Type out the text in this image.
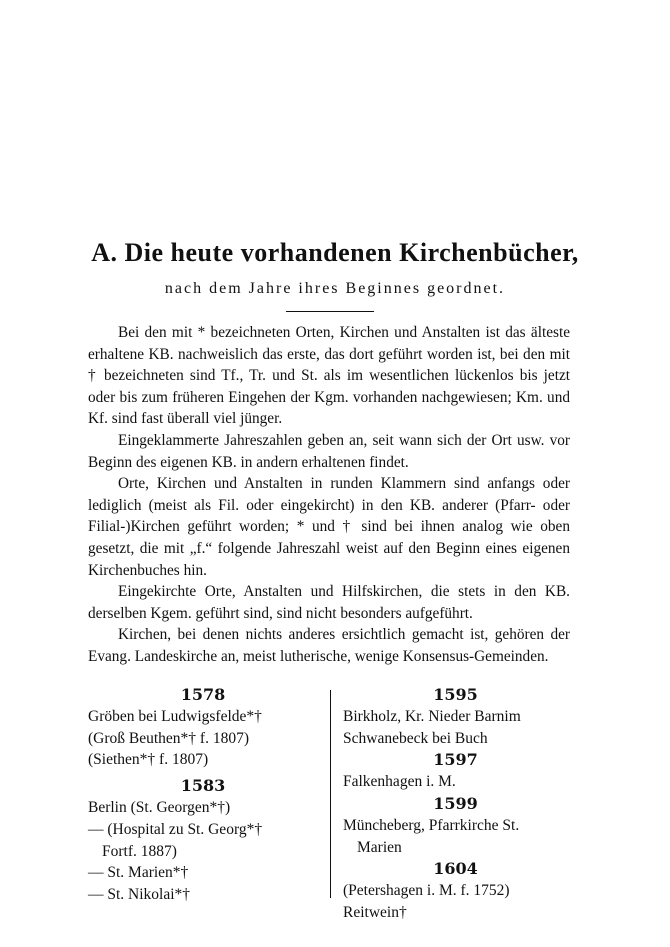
A. Die heute vorhandenen Kirchenbücher,
nach dem Jahre ihres Beginnes geordnet.

Bei den mit * bezeichneten Orten, Kirchen und Anstalten ist das älteste erhaltene KB. nachweislich das erste, das dort geführt worden ist, bei den mit † bezeichneten sind Tf., Tr. und St. als im wesentlichen lückenlos bis jetzt oder bis zum früheren Eingehen der Kgm. vorhanden nachgewiesen; Km. und Kf. sind fast überall viel jünger.

Eingeklammerte Jahreszahlen geben an, seit wann sich der Ort usw. vor Beginn des eigenen KB. in andern erhaltenen findet.

Orte, Kirchen und Anstalten in runden Klammern sind anfangs oder lediglich (meist als Fil. oder eingekircht) in den KB. anderer (Pfarr- oder Filial-)Kirchen geführt worden; * und † sind bei ihnen analog wie oben gesetzt, die mit „f.“ folgende Jahreszahl weist auf den Beginn eines eigenen Kirchenbuches hin.

Eingekirchte Orte, Anstalten und Hilfskirchen, die stets in den KB. derselben Kgem. geführt sind, sind nicht besonders aufgeführt.

Kirchen, bei denen nichts anderes ersichtlich gemacht ist, gehören der Evang. Landeskirche an, meist lutherische, wenige Konsensus-Gemeinden.

1578
Gröben bei Ludwigsfelde*†
(Groß Beuthen*† f. 1807)
(Siethen*† f. 1807)
1583
Berlin (St. Georgen*†)
— (Hospital zu St. Georg*†
Fortf. 1887)
— St. Marien*†
— St. Nikolai*†
1595
Birkholz, Kr. Nieder Barnim
Schwanebeck bei Buch
1597
Falkenhagen i. M.
1599
Müncheberg, Pfarrkirche St.
Marien
1604
(Petershagen i. M. f. 1752)
Reitwein†
